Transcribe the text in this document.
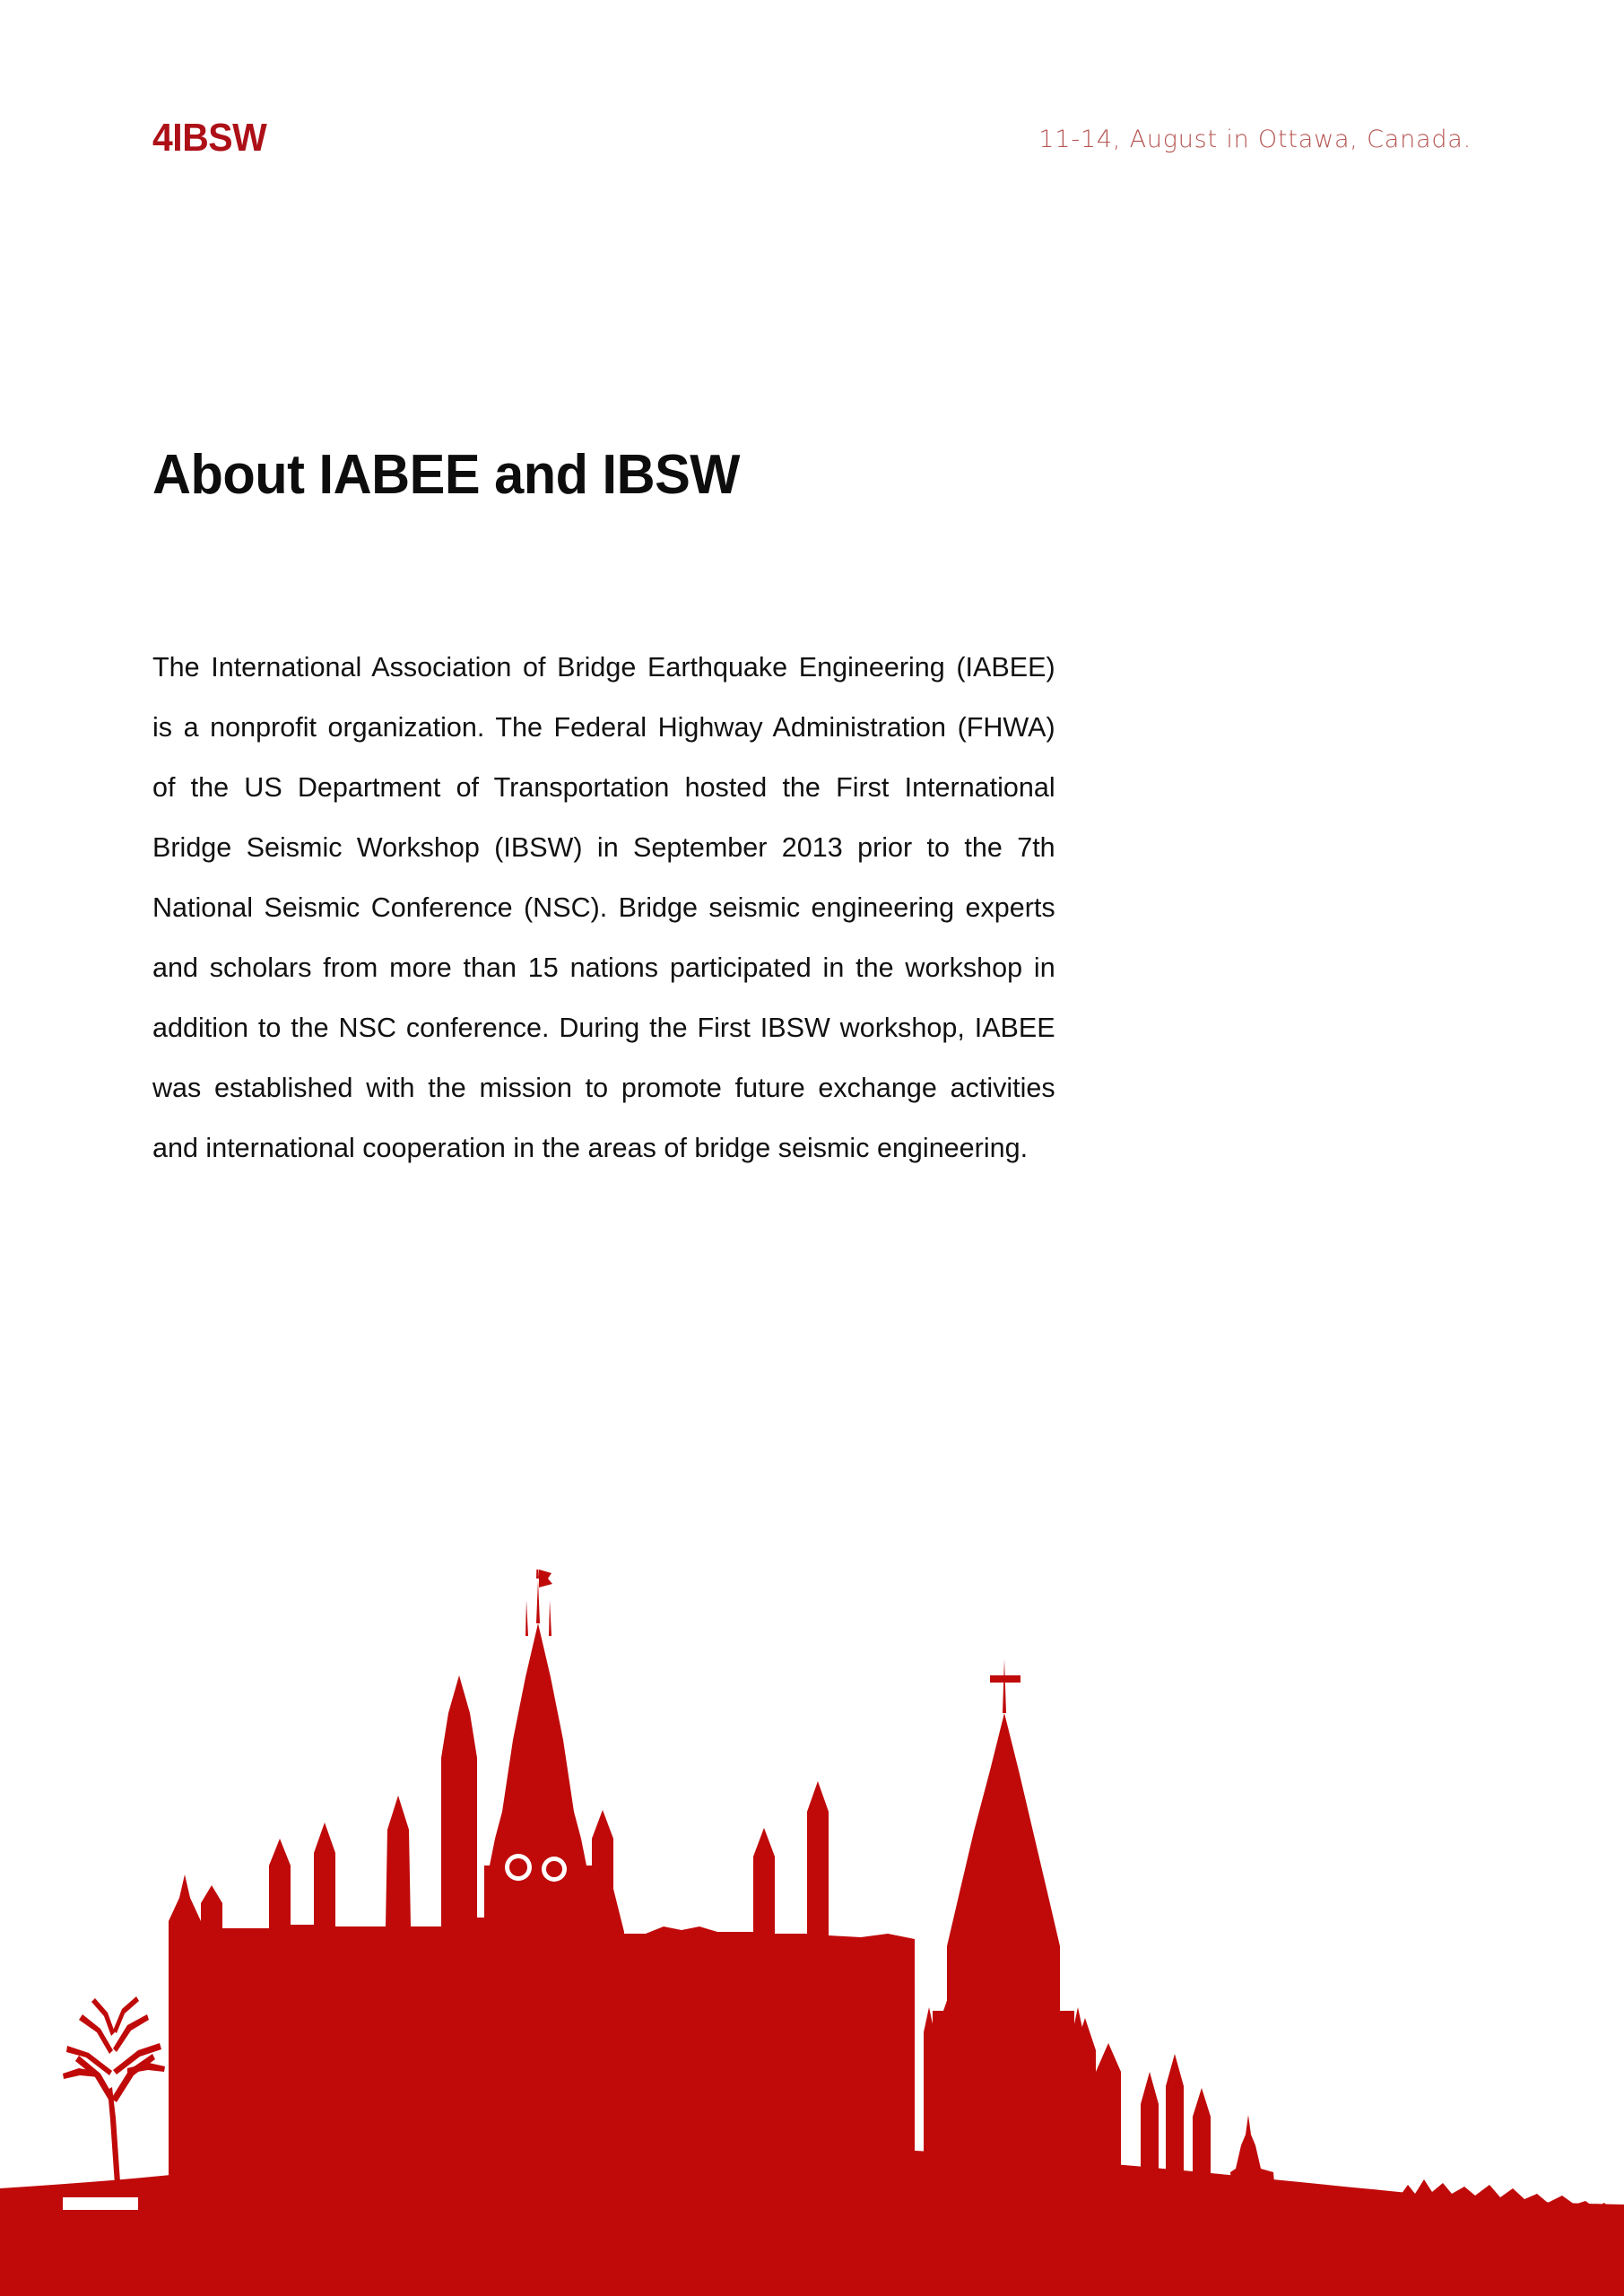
4IBSW	11-14, August in Ottawa, Canada.
About IABEE and IBSW

The International Association of Bridge Earthquake Engineering (IABEE) is a nonprofit organization. The Federal Highway Administration (FHWA) of the US Department of Transportation hosted the First International Bridge Seismic Workshop (IBSW) in September 2013 prior to the 7th National Seismic Conference (NSC). Bridge seismic engineering experts and scholars from more than 15 nations participated in the workshop in addition to the NSC conference. During the First IBSW workshop, IABEE was established with the mission to promote future exchange activities and international cooperation in the areas of bridge seismic engineering.
